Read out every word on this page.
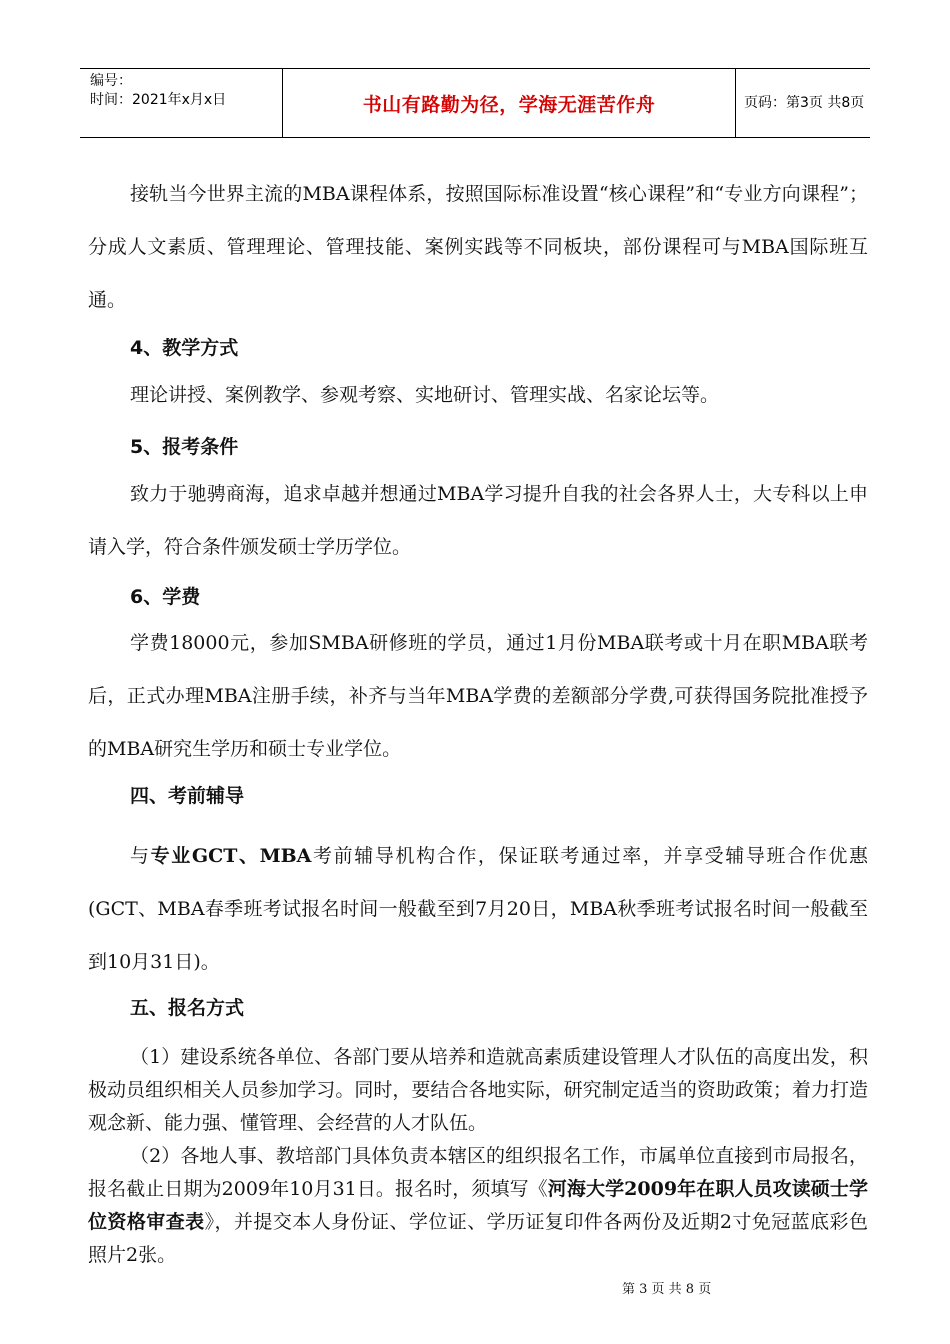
编号：
时间：2021年x月x日	书山有路勤为径，学海无涯苦作舟	页码：第3页 共8页

接轨当今世界主流的MBA课程体系，按照国际标准设置“核心课程”和“专业方向课程”；分成人文素质、管理理论、管理技能、案例实践等不同板块，部份课程可与MBA国际班互通。

4、教学方式

理论讲授、案例教学、参观考察、实地研讨、管理实战、名家论坛等。

5、报考条件

致力于驰骋商海，追求卓越并想通过MBA学习提升自我的社会各界人士，大专科以上申请入学，符合条件颁发硕士学历学位。

6、学费

学费18000元，参加SMBA研修班的学员，通过1月份MBA联考或十月在职MBA联考后，正式办理MBA注册手续，补齐与当年MBA学费的差额部分学费,可获得国务院批准授予的MBA研究生学历和硕士专业学位。

四、考前辅导

与专业GCT、MBA考前辅导机构合作，保证联考通过率，并享受辅导班合作优惠(GCT、MBA春季班考试报名时间一般截至到7月20日，MBA秋季班考试报名时间一般截至到10月31日)。

五、报名方式

（1）建设系统各单位、各部门要从培养和造就高素质建设管理人才队伍的高度出发，积极动员组织相关人员参加学习。同时，要结合各地实际，研究制定适当的资助政策；着力打造观念新、能力强、懂管理、会经营的人才队伍。

（2）各地人事、教培部门具体负责本辖区的组织报名工作，市属单位直接到市局报名，报名截止日期为2009年10月31日。报名时，须填写《河海大学2009年在职人员攻读硕士学位资格审查表》，并提交本人身份证、学位证、学历证复印件各两份及近期2寸免冠蓝底彩色照片2张。

第 3 页 共 8 页
